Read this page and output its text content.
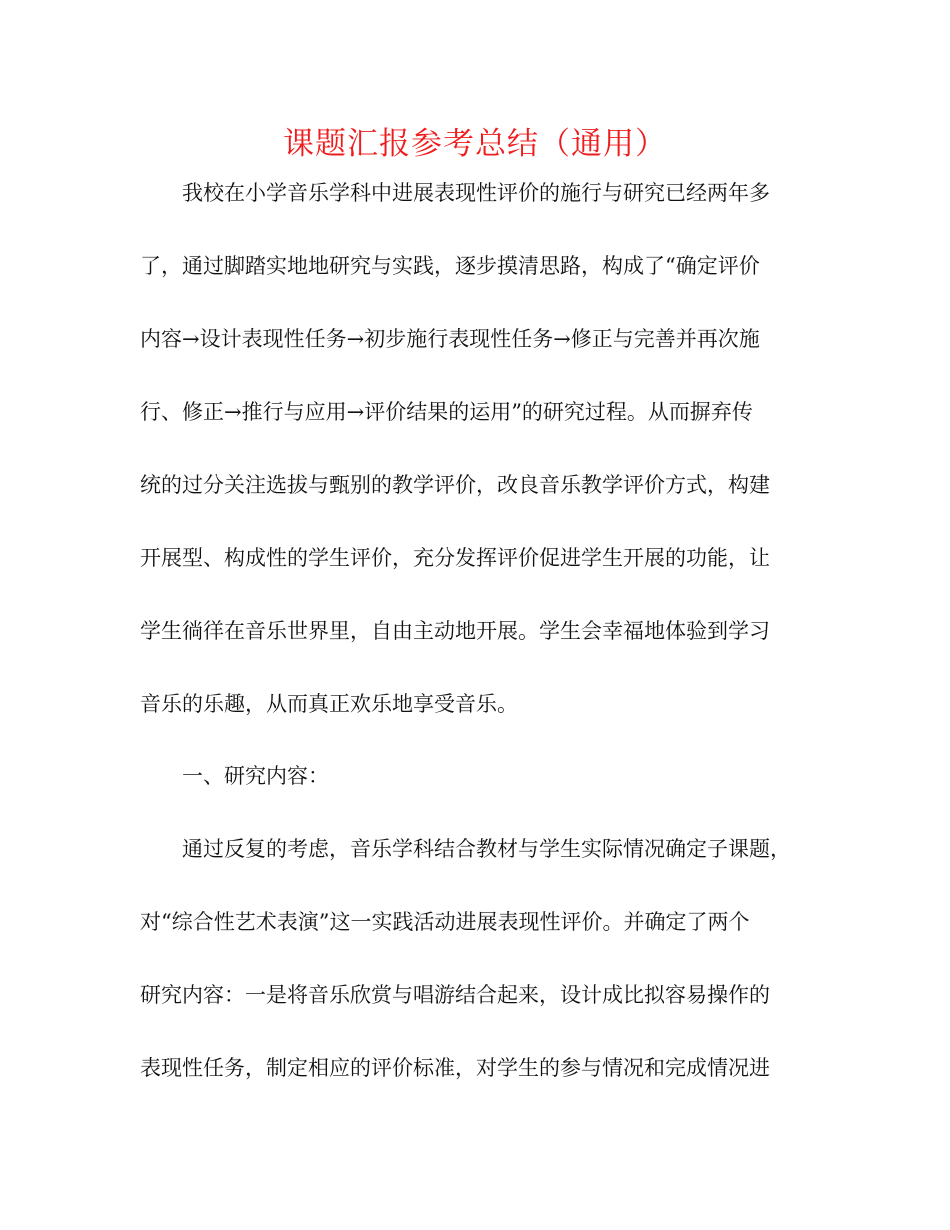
课题汇报参考总结（通用）
我校在小学音乐学科中进展表现性评价的施行与研究已经两年多
了，通过脚踏实地地研究与实践，逐步摸清思路，构成了“确定评价
内容→设计表现性任务→初步施行表现性任务→修正与完善并再次施
行、修正→推行与应用→评价结果的运用”的研究过程。从而摒弃传
统的过分关注选拔与甄别的教学评价，改良音乐教学评价方式，构建
开展型、构成性的学生评价，充分发挥评价促进学生开展的功能，让
学生徜徉在音乐世界里，自由主动地开展。学生会幸福地体验到学习
音乐的乐趣，从而真正欢乐地享受音乐。
一、研究内容：
通过反复的考虑，音乐学科结合教材与学生实际情况确定子课题，
对“综合性艺术表演”这一实践活动进展表现性评价。并确定了两个
研究内容：一是将音乐欣赏与唱游结合起来，设计成比拟容易操作的
表现性任务，制定相应的评价标准，对学生的参与情况和完成情况进
